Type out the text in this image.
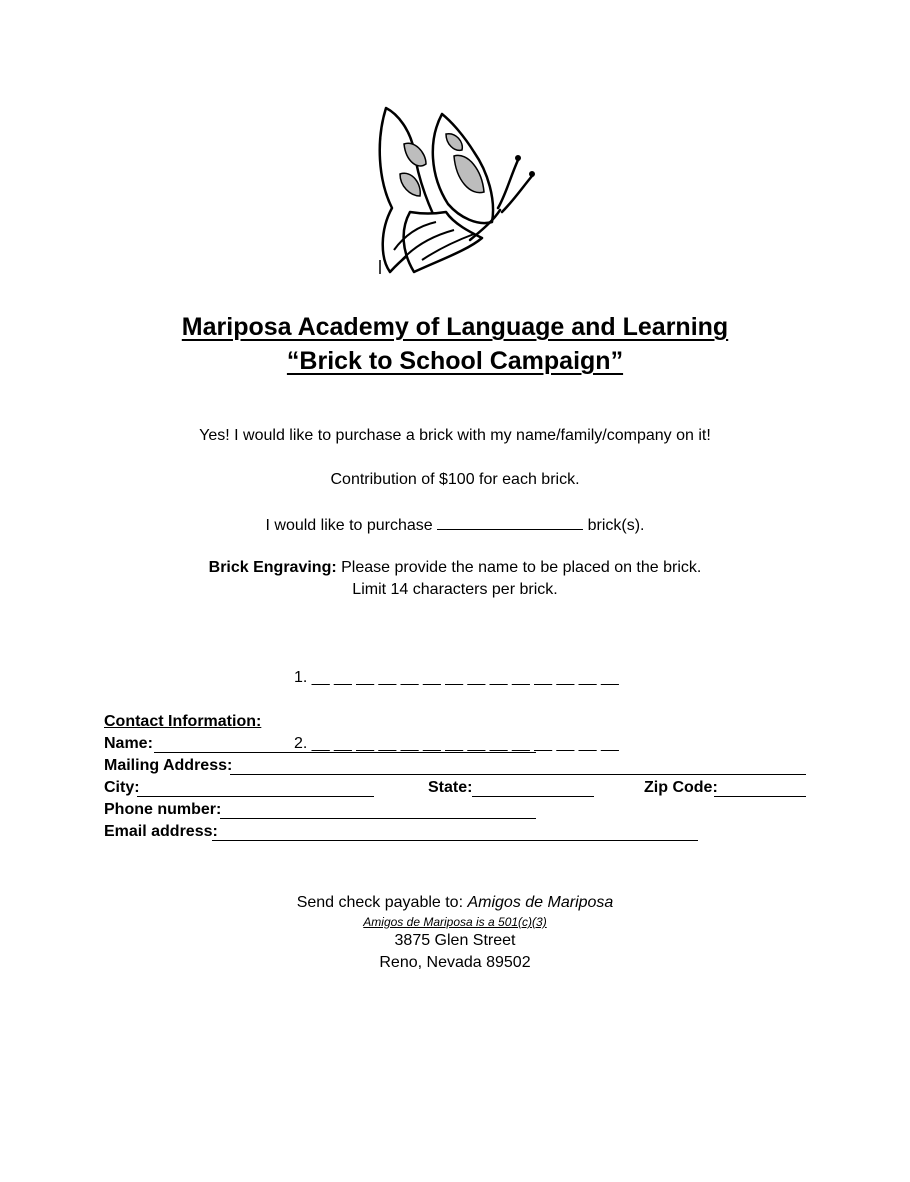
Mariposa Academy of Language and Learning
“Brick to School Campaign”
Yes! I would like to purchase a brick with my name/family/company on it!
Contribution of $100 for each brick.
I would like to purchase	brick(s).
Brick Engraving: Please provide the name to be placed on the brick.
Limit 14 characters per brick.

1. __ __ __ __ __ __ __ __ __ __ __ __ __ __

2. __ __ __ __ __ __ __ __ __ __ __ __ __ __

Contact Information:
Name:
Mailing Address:
City:	State:	Zip Code:
Phone number:
Email address:
Send check payable to: Amigos de Mariposa
Amigos de Mariposa is a 501(c)(3)
3875 Glen Street
Reno, Nevada 89502
